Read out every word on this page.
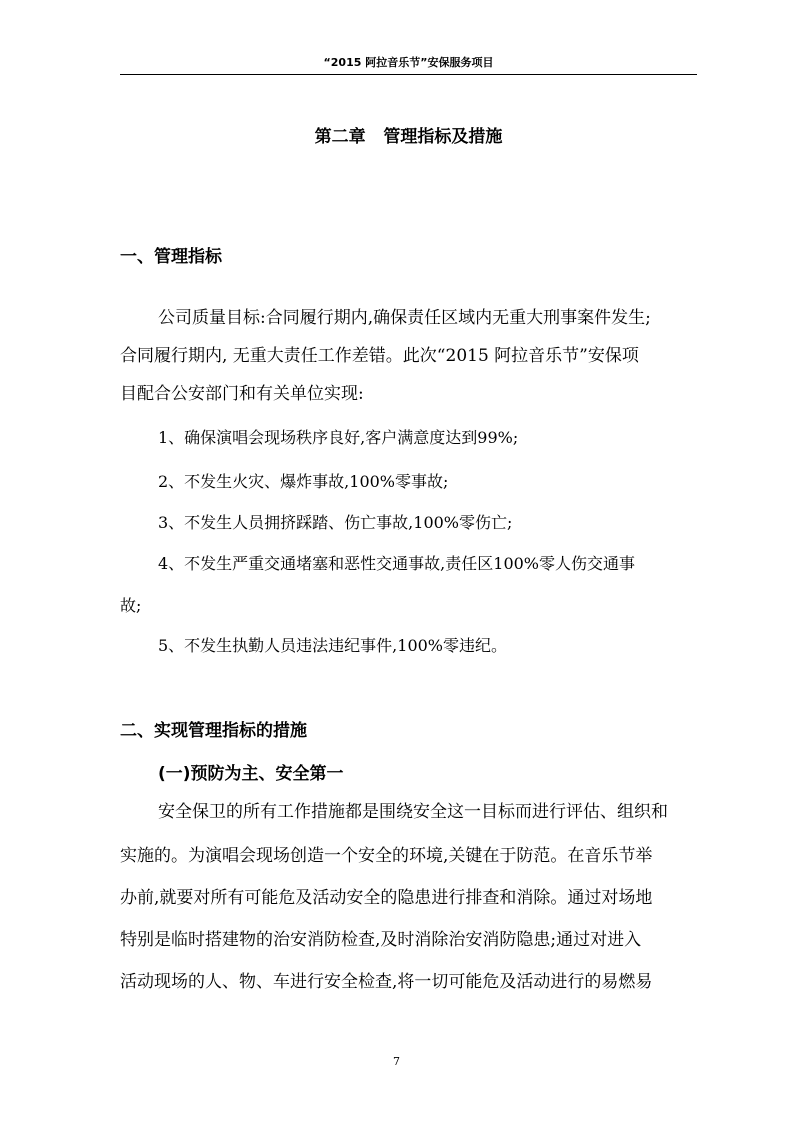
“2015 阿拉音乐节”安保服务项目
第二章   管理指标及措施
一、管理指标
公司质量目标:合同履行期内,确保责任区域内无重大刑事案件发生;
合同履行期内, 无重大责任工作差错。此次“2015 阿拉音乐节”安保项
目配合公安部门和有关单位实现:
1、确保演唱会现场秩序良好,客户满意度达到99%;
2、不发生火灾、爆炸事故,100%零事故;
3、不发生人员拥挤踩踏、伤亡事故,100%零伤亡;
4、不发生严重交通堵塞和恶性交通事故,责任区100%零人伤交通事
故;
5、不发生执勤人员违法违纪事件,100%零违纪。
二、实现管理指标的措施
(一)预防为主、安全第一
安全保卫的所有工作措施都是围绕安全这一目标而进行评估、组织和
实施的。为演唱会现场创造一个安全的环境,关键在于防范。在音乐节举
办前,就要对所有可能危及活动安全的隐患进行排查和消除。通过对场地
特别是临时搭建物的治安消防检查,及时消除治安消防隐患;通过对进入
活动现场的人、物、车进行安全检查,将一切可能危及活动进行的易燃易
7
